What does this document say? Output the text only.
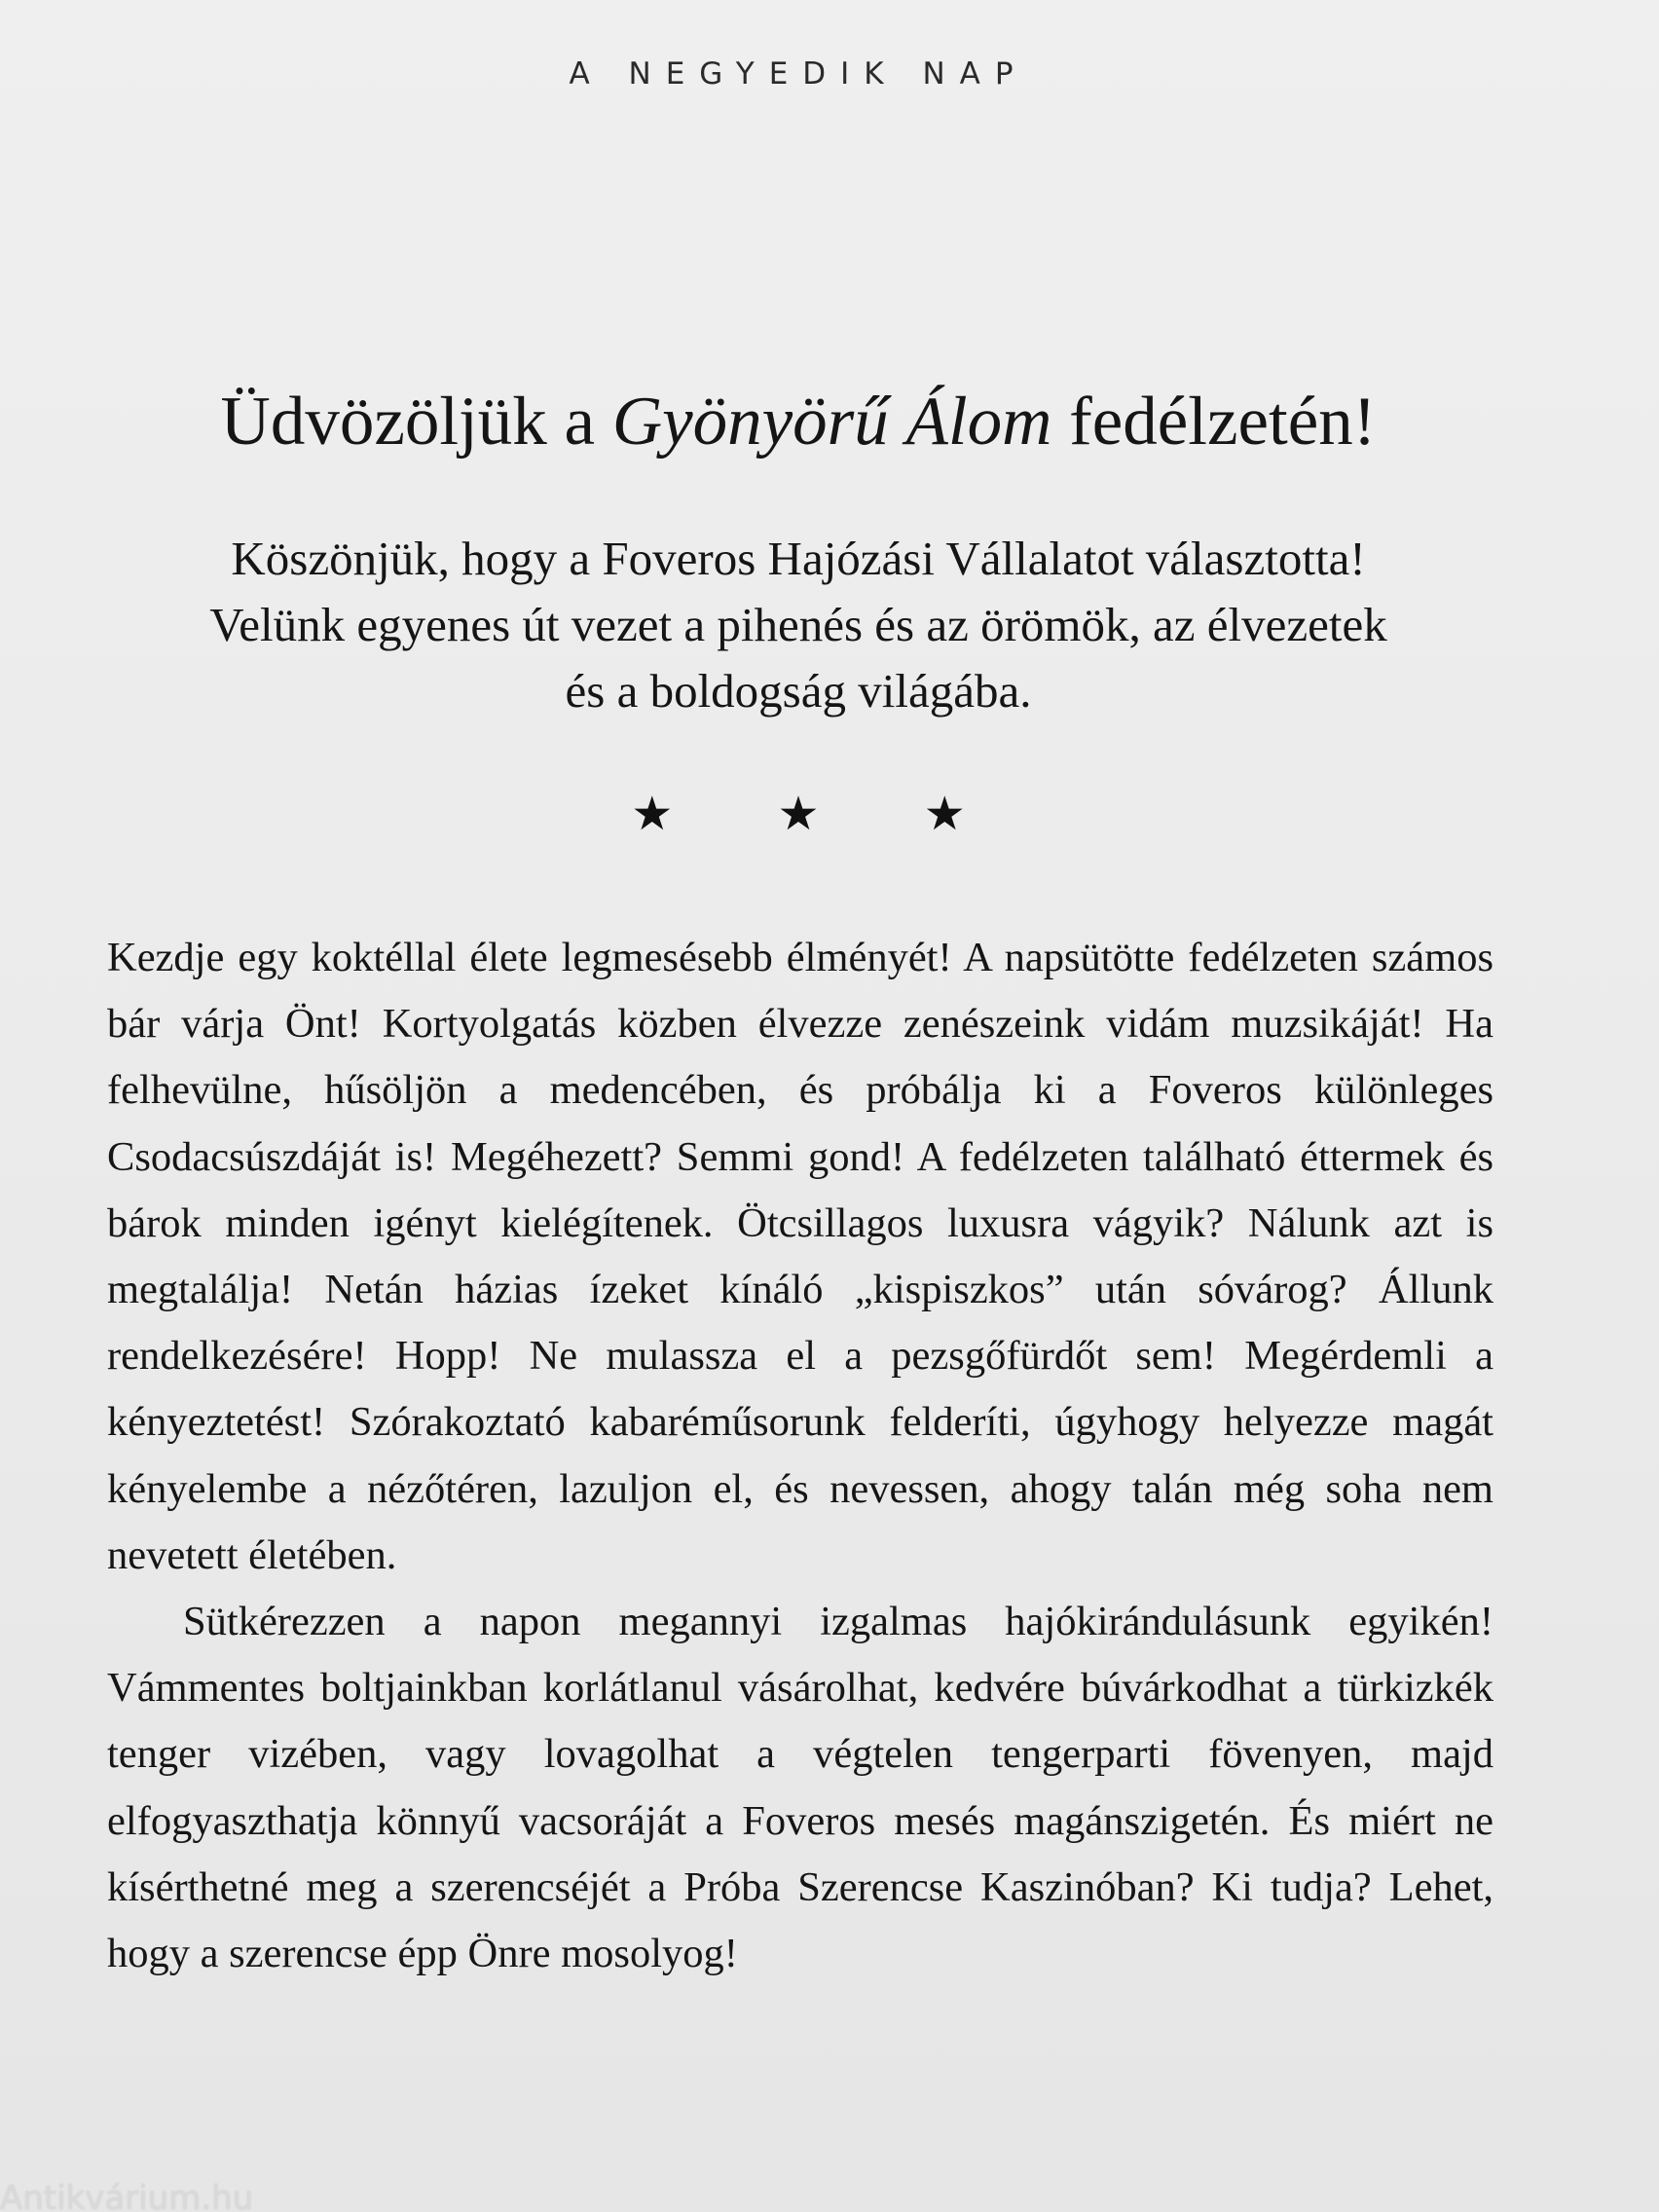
A NEGYEDIK NAP
Üdvözöljük a Gyönyörű Álom fedélzetén!
Köszönjük, hogy a Foveros Hajózási Vállalatot választotta!
Velünk egyenes út vezet a pihenés és az örömök, az élvezetek
és a boldogság világába.
★ ★ ★

Kezdje egy koktéllal élete legmesésebb élményét! A napsütötte fedélzeten számos bár várja Önt! Kortyolgatás közben élvezze zenészeink vidám muzsikáját! Ha felhevülne, hűsöljön a medencében, és próbálja ki a Foveros különleges Csodacsúszdáját is! Megéhezett? Semmi gond! A fedélzeten található éttermek és bárok minden igényt kielégítenek. Ötcsillagos luxusra vágyik? Nálunk azt is megtalálja! Netán házias ízeket kínáló „kispiszkos” után sóvárog? Állunk rendelkezésére! Hopp! Ne mulassza el a pezsgőfürdőt sem! Megérdemli a kényeztetést! Szórakoztató kabaréműsorunk felderíti, úgyhogy helyezze magát kényelembe a nézőtéren, lazuljon el, és nevessen, ahogy talán még soha nem nevetett életében.

Sütkérezzen a napon megannyi izgalmas hajókirándulásunk egyikén! Vámmentes boltjainkban korlátlanul vásárolhat, kedvére búvárkodhat a türkizkék tenger vizében, vagy lovagolhat a végtelen tengerparti fövenyen, majd elfogyaszthatja könnyű vacsoráját a Foveros mesés magánszigetén. És miért ne kísérthetné meg a szerencséjét a Próba Szerencse Kaszinóban? Ki tudja? Lehet, hogy a szerencse épp Önre mosolyog!

Antikvárium.hu
